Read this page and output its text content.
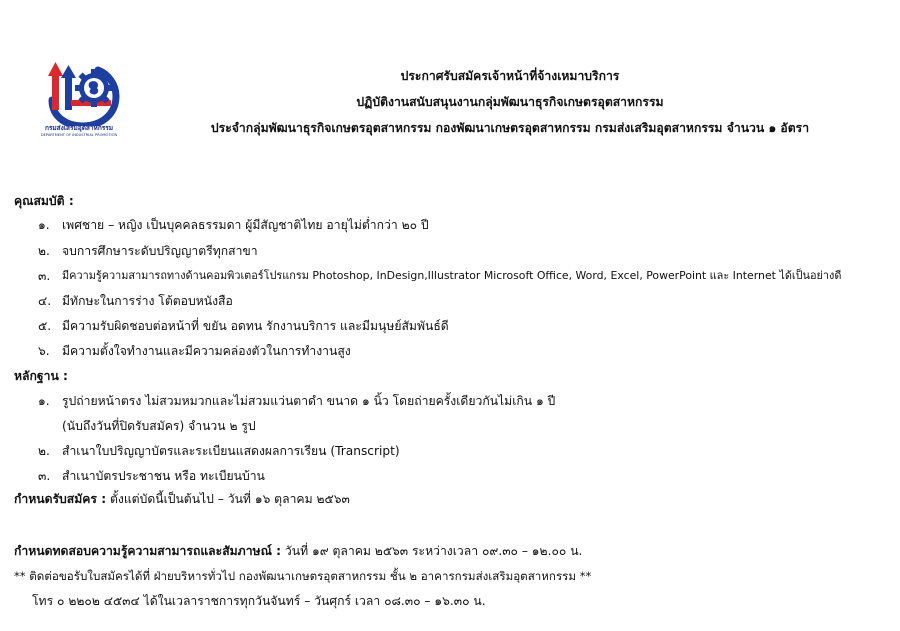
กรมส่งเสริมอุตสาหกรรม
DEPARTMENT OF INDUSTRIAL PROMOTION
ประกาศรับสมัครเจ้าหน้าที่จ้างเหมาบริการ
ปฏิบัติงานสนับสนุนงานกลุ่มพัฒนาธุรกิจเกษตรอุตสาหกรรม
ประจำกลุ่มพัฒนาธุรกิจเกษตรอุตสาหกรรม กองพัฒนาเกษตรอุตสาหกรรม กรมส่งเสริมอุตสาหกรรม จำนวน ๑ อัตรา
คุณสมบัติ :
๑. เพศชาย – หญิง เป็นบุคคลธรรมดา ผู้มีสัญชาติไทย อายุไม่ต่ำกว่า ๒๐ ปี
๒. จบการศึกษาระดับปริญญาตรีทุกสาขา
๓. มีความรู้ความสามารถทางด้านคอมพิวเตอร์โปรแกรม Photoshop, InDesign,Illustrator Microsoft Office, Word, Excel, PowerPoint และ Internet ได้เป็นอย่างดี
๔. มีทักษะในการร่าง โต้ตอบหนังสือ
๕. มีความรับผิดชอบต่อหน้าที่ ขยัน อดทน รักงานบริการ และมีมนุษย์สัมพันธ์ดี
๖. มีความตั้งใจทำงานและมีความคล่องตัวในการทำงานสูง
หลักฐาน :
๑. รูปถ่ายหน้าตรง ไม่สวมหมวกและไม่สวมแว่นตาดำ ขนาด ๑ นิ้ว โดยถ่ายครั้งเดียวกันไม่เกิน ๑ ปี
(นับถึงวันที่ปิดรับสมัคร) จำนวน ๒ รูป
๒. สำเนาใบปริญญาบัตรและระเบียนแสดงผลการเรียน (Transcript)
๓. สำเนาบัตรประชาชน หรือ ทะเบียนบ้าน
กำหนดรับสมัคร : ตั้งแต่บัดนี้เป็นต้นไป – วันที่ ๑๖ ตุลาคม ๒๕๖๓
กำหนดทดสอบความรู้ความสามารถและสัมภาษณ์ : วันที่ ๑๙ ตุลาคม ๒๕๖๓ ระหว่างเวลา ๐๙.๓๐ – ๑๒.๐๐ น.
** ติดต่อขอรับใบสมัครได้ที่ ฝ่ายบริหารทั่วไป กองพัฒนาเกษตรอุตสาหกรรม ชั้น ๒ อาคารกรมส่งเสริมอุตสาหกรรม **
โทร ๐ ๒๒๐๒ ๔๕๓๔ ได้ในเวลาราชการทุกวันจันทร์ – วันศุกร์ เวลา ๐๘.๓๐ – ๑๖.๓๐ น.
